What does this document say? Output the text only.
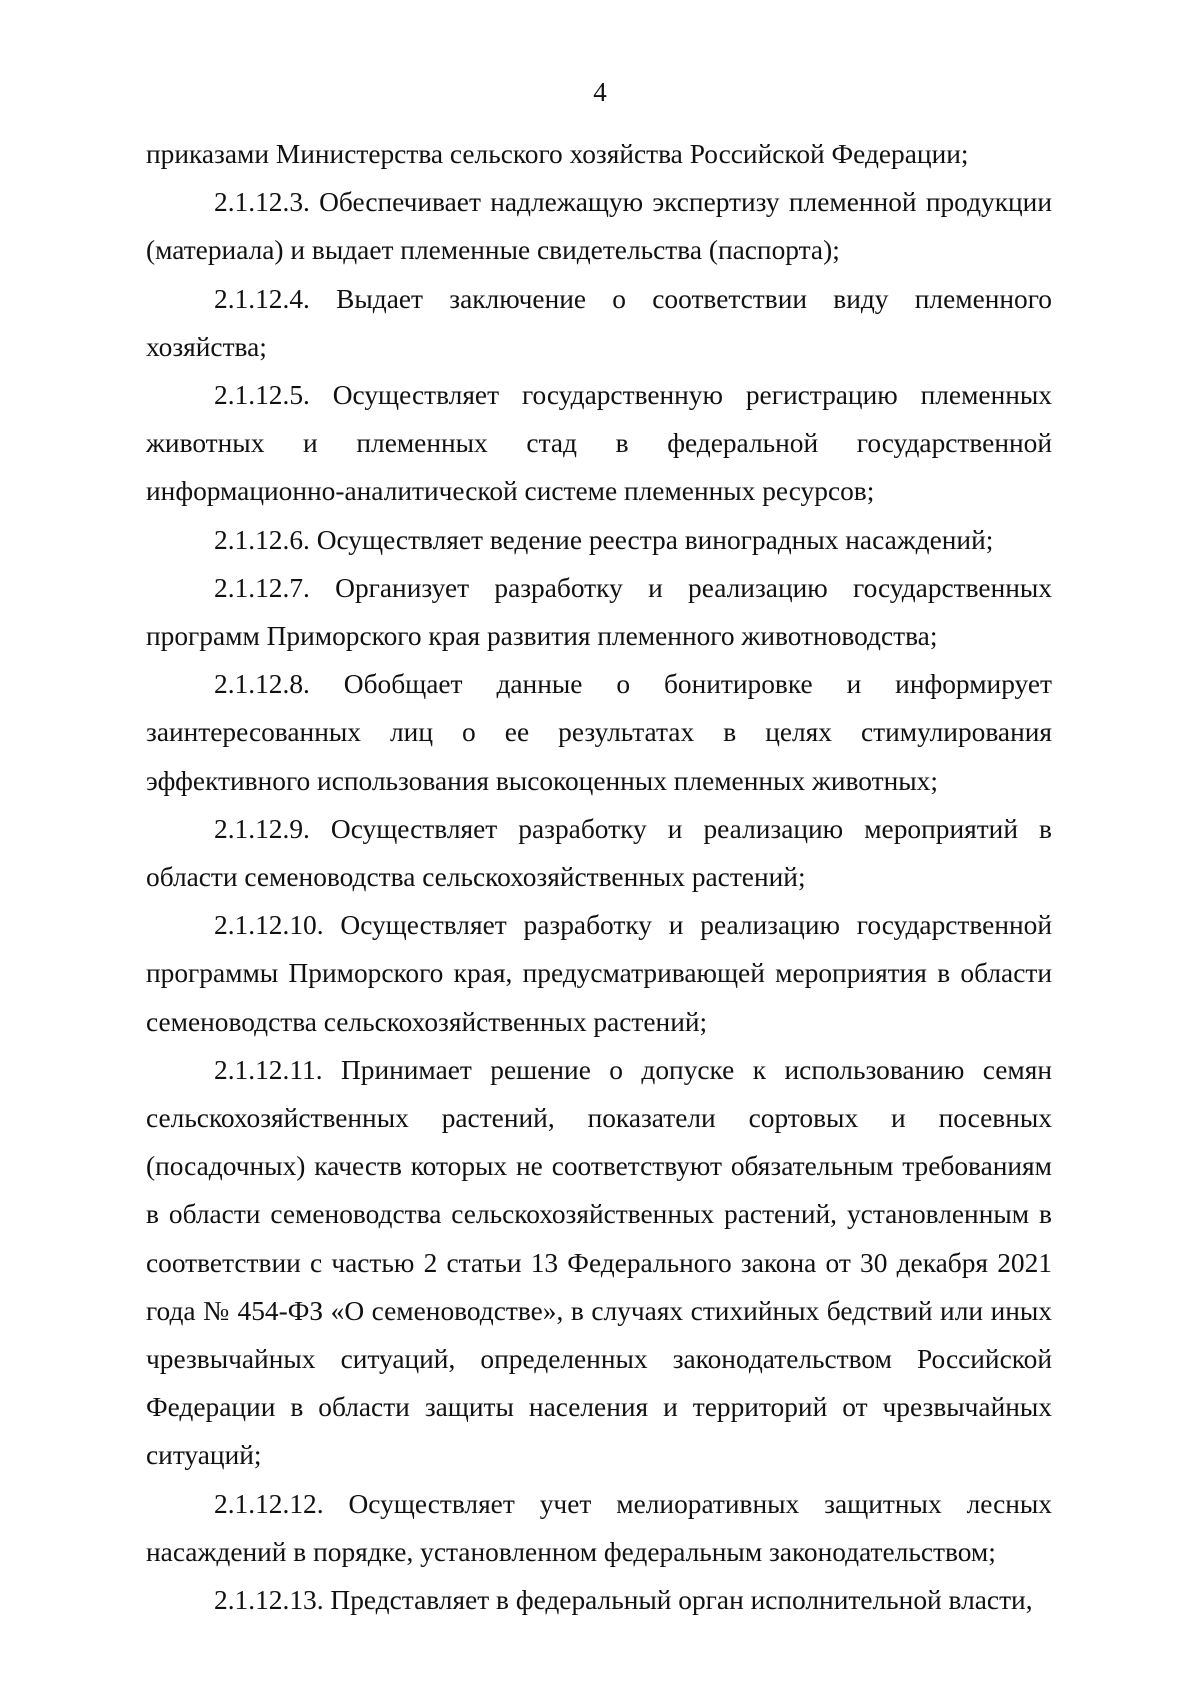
4

приказами Министерства сельского хозяйства Российской Федерации;

2.1.12.3. Обеспечивает надлежащую экспертизу племенной продукции (материала) и выдает племенные свидетельства (паспорта);

2.1.12.4. Выдает заключение о соответствии виду племенного хозяйства;

2.1.12.5. Осуществляет государственную регистрацию племенных животных и племенных стад в федеральной государственной информационно-аналитической системе племенных ресурсов;

2.1.12.6. Осуществляет ведение реестра виноградных насаждений;

2.1.12.7. Организует разработку и реализацию государственных программ Приморского края развития племенного животноводства;

2.1.12.8. Обобщает данные о бонитировке и информирует заинтересованных лиц о ее результатах в целях стимулирования эффективного использования высокоценных племенных животных;

2.1.12.9. Осуществляет разработку и реализацию мероприятий в области семеноводства сельскохозяйственных растений;

2.1.12.10. Осуществляет разработку и реализацию государственной программы Приморского края, предусматривающей мероприятия в области семеноводства сельскохозяйственных растений;

2.1.12.11. Принимает решение о допуске к использованию семян сельскохозяйственных растений, показатели сортовых и посевных (посадочных) качеств которых не соответствуют обязательным требованиям в области семеноводства сельскохозяйственных растений, установленным в соответствии с частью 2 статьи 13 Федерального закона от 30 декабря 2021 года № 454-ФЗ «О семеноводстве», в случаях стихийных бедствий или иных чрезвычайных ситуаций, определенных законодательством Российской Федерации в области защиты населения и территорий от чрезвычайных ситуаций;

2.1.12.12. Осуществляет учет мелиоративных защитных лесных насаждений в порядке, установленном федеральным законодательством;

2.1.12.13. Представляет в федеральный орган исполнительной власти,
